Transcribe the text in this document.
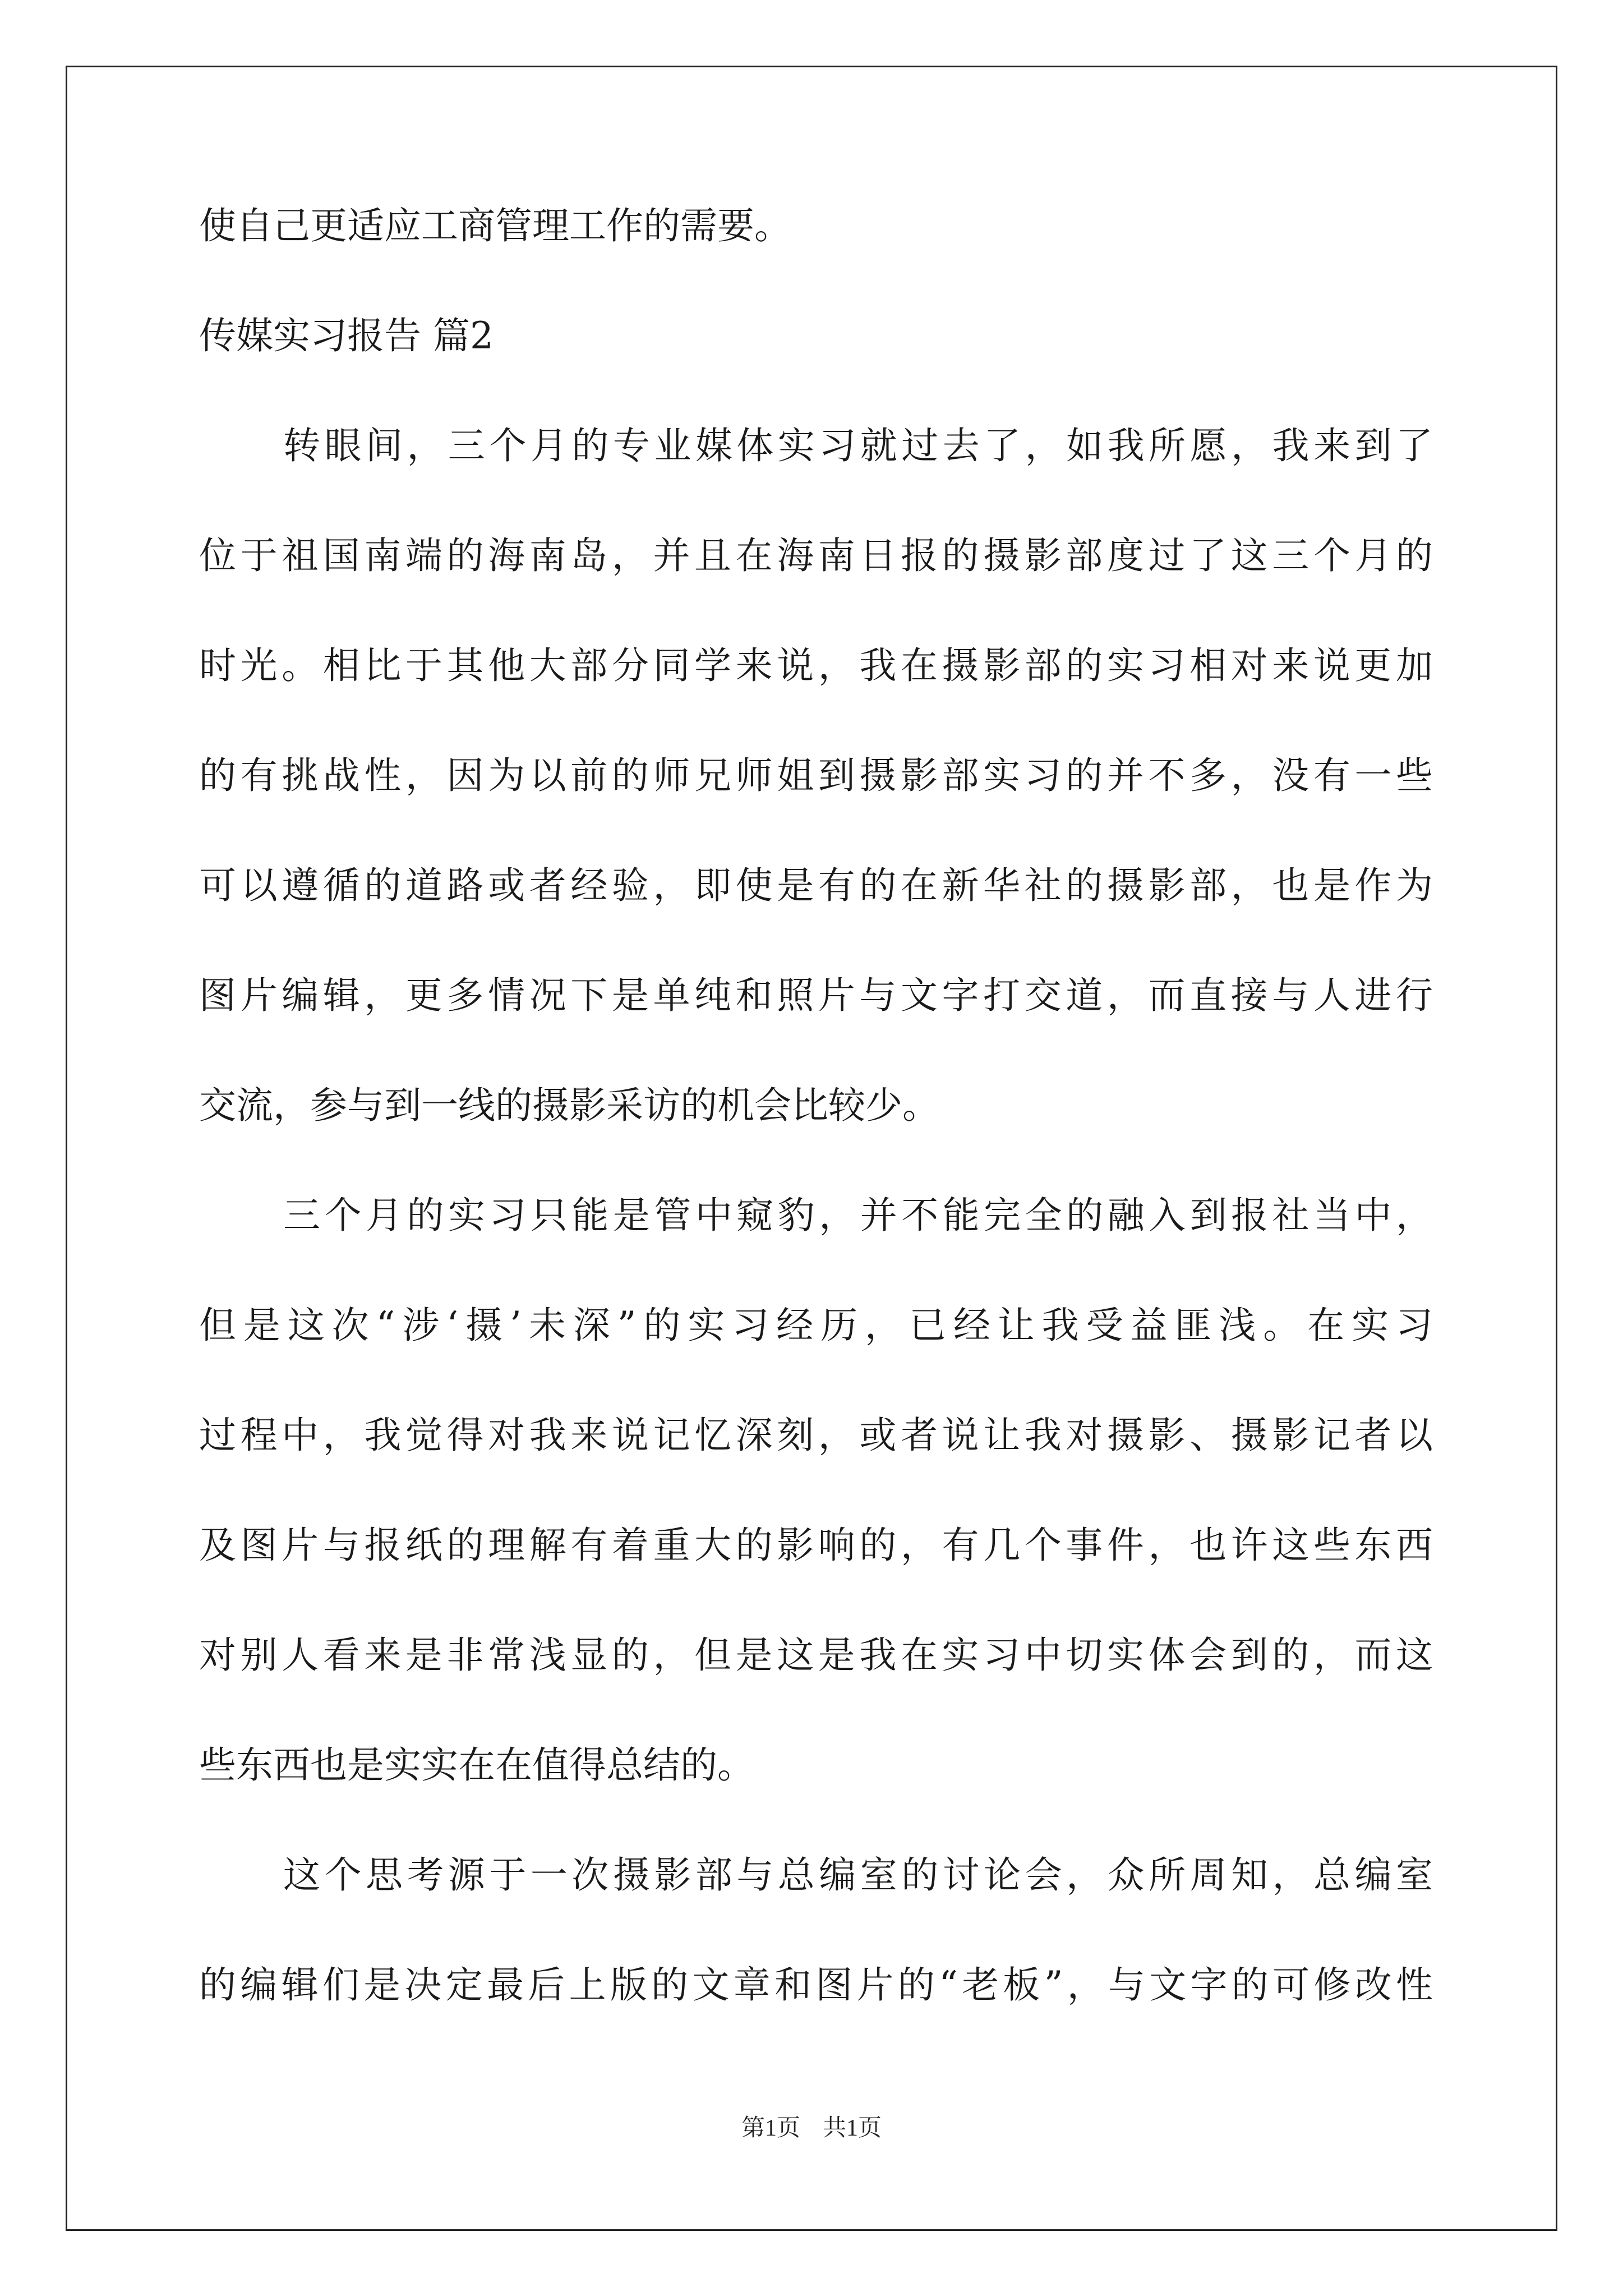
使自己更适应工商管理工作的需要。
传媒实习报告 篇2
转眼间，三个月的专业媒体实习就过去了，如我所愿，我来到了
位于祖国南端的海南岛，并且在海南日报的摄影部度过了这三个月的
时光。相比于其他大部分同学来说，我在摄影部的实习相对来说更加
的有挑战性，因为以前的师兄师姐到摄影部实习的并不多，没有一些
可以遵循的道路或者经验，即使是有的在新华社的摄影部，也是作为
图片编辑，更多情况下是单纯和照片与文字打交道，而直接与人进行
交流，参与到一线的摄影采访的机会比较少。
三个月的实习只能是管中窥豹，并不能完全的融入到报社当中，
但是这次“涉‘摄’未深”的实习经历，已经让我受益匪浅。在实习
过程中，我觉得对我来说记忆深刻，或者说让我对摄影、摄影记者以
及图片与报纸的理解有着重大的影响的，有几个事件，也许这些东西
对别人看来是非常浅显的，但是这是我在实习中切实体会到的，而这
些东西也是实实在在值得总结的。
这个思考源于一次摄影部与总编室的讨论会，众所周知，总编室
的编辑们是决定最后上版的文章和图片的“老板”，与文字的可修改性
第1页 共1页
